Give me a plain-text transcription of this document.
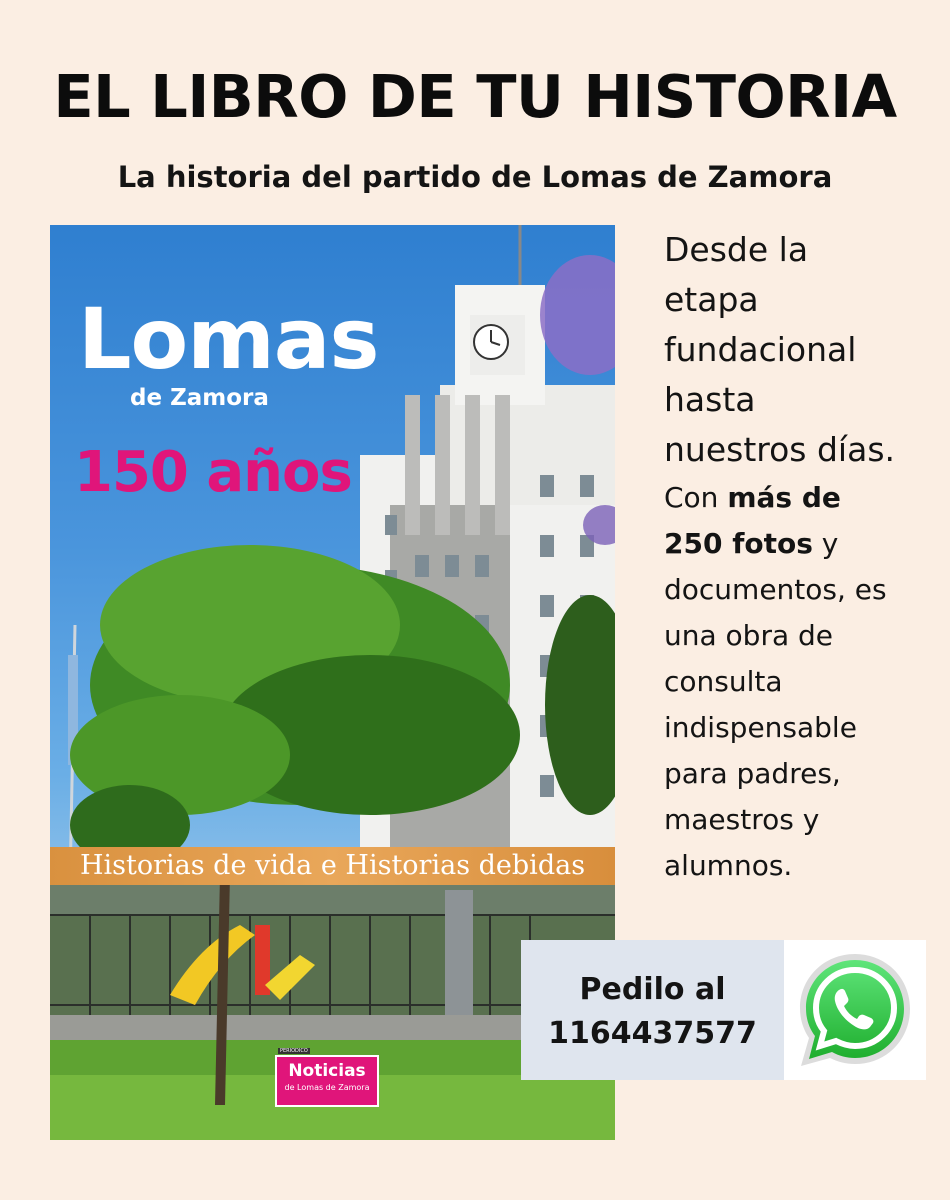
EL LIBRO DE TU HISTORIA
La historia del partido de Lomas de Zamora
Lomas
de Zamora
150 años
Historias de vida e Historias debidas
PERIODICO
Noticias
de Lomas de Zamora
Desde la
etapa
fundacional
hasta
nuestros días.
Con más de
250 fotos y
documentos, es
una obra de
consulta
indispensable
para padres,
maestros y
alumnos.
Pedilo al
1164437577
